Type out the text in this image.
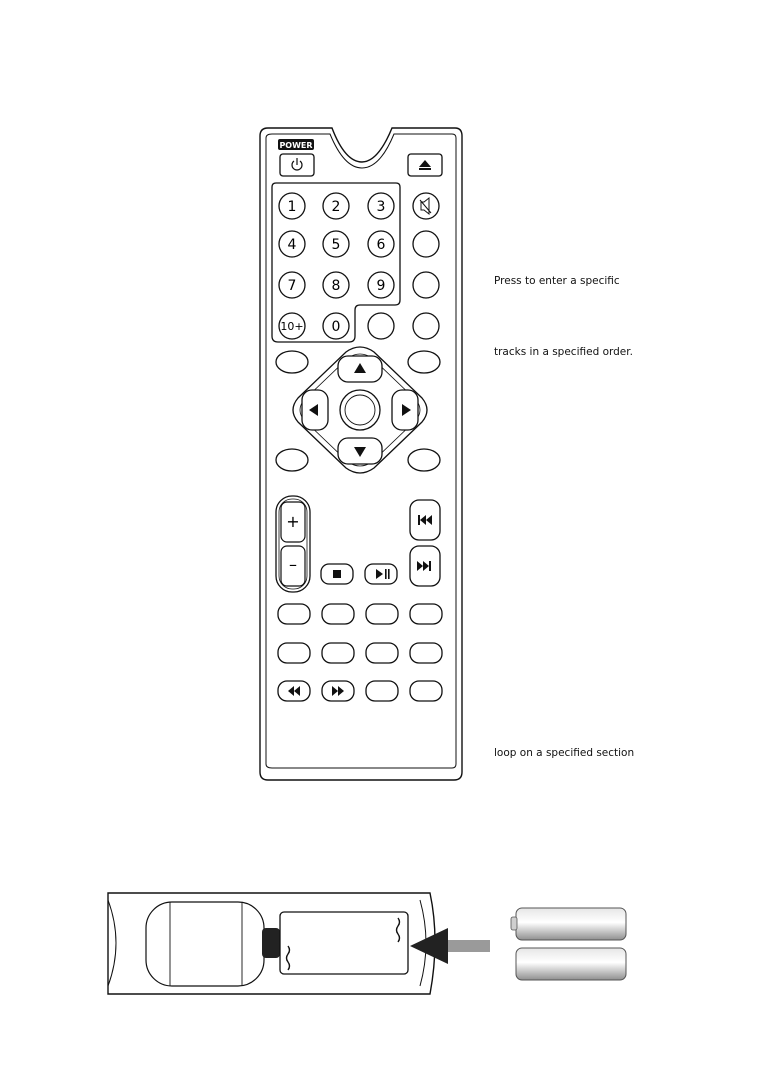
POWER
1	2	3
4	5	6
7	8	9
10+ 0
+
–
Press to enter a specific
tracks in a specified order.
loop on a specified section
